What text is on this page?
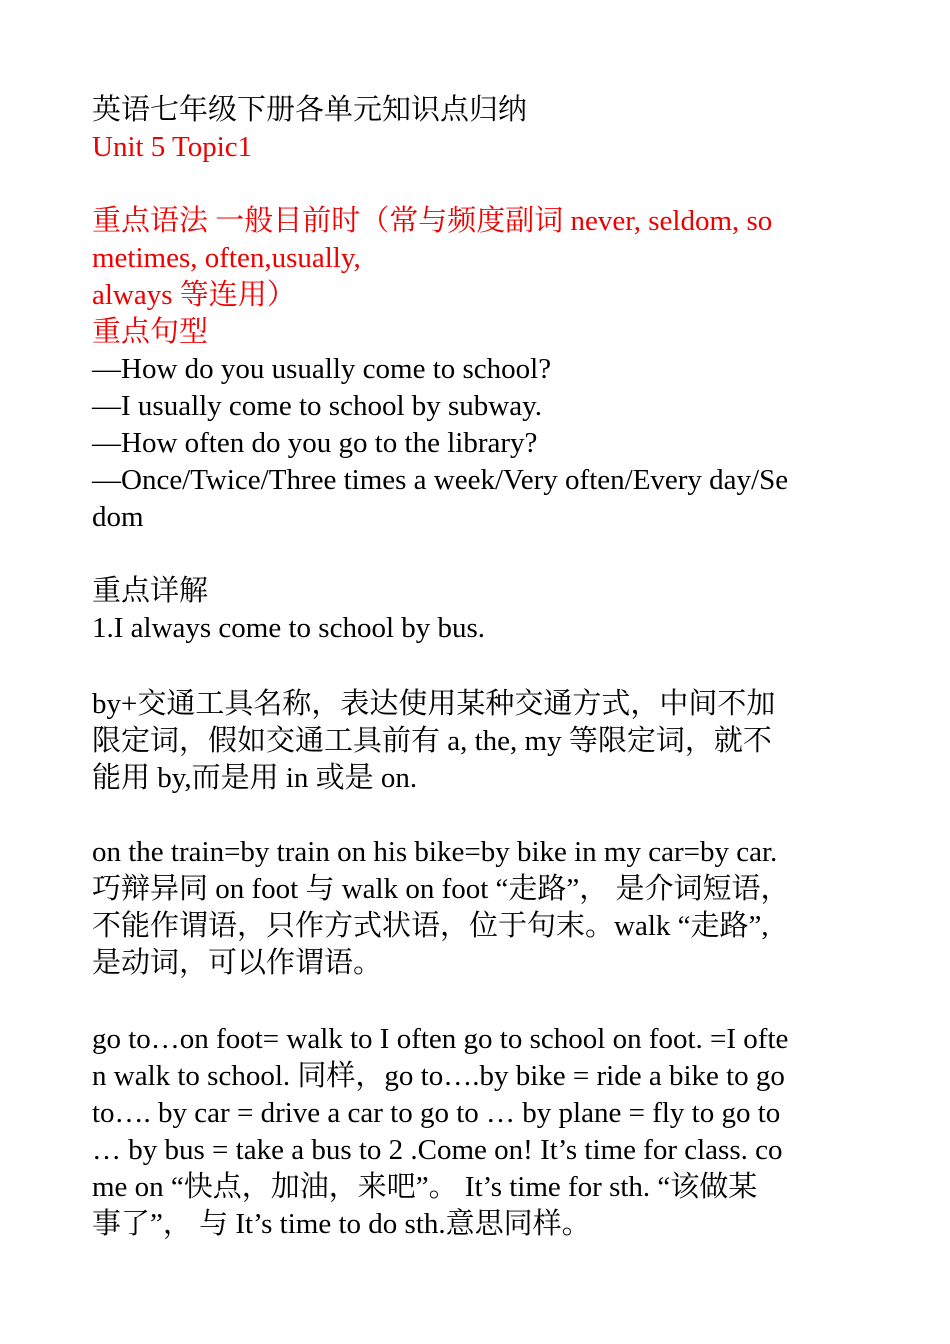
英语七年级下册各单元知识点归纳
Unit 5 Topic1
重点语法 一般目前时（常与频度副词 never, seldom, so
metimes, often,usually,
always 等连用）
重点句型
—How do you usually come to school?
—I usually come to school by subway.
—How often do you go to the library?
—Once/Twice/Three times a week/Very often/Every day/Se
dom
重点详解
1.I always come to school by bus.
by+交通工具名称，表达使用某种交通方式，中间不加
限定词，假如交通工具前有 a, the, my 等限定词，就不
能用 by,而是用 in 或是 on.
on the train=by train on his bike=by bike in my car=by car.
巧辩异同 on foot 与 walk on foot “走路”， 是介词短语，
不能作谓语，只作方式状语，位于句末。walk “走路”,
是动词，可以作谓语。
go to…on foot= walk to I often go to school on foot. =I ofte
n walk to school. 同样，go to….by bike = ride a bike to go
to…. by car = drive a car to go to … by plane = fly to go to
… by bus = take a bus to 2 .Come on! It’s time for class. co
me on “快点，加油，来吧”。 It’s time for sth. “该做某
事了”， 与 It’s time to do sth.意思同样。
